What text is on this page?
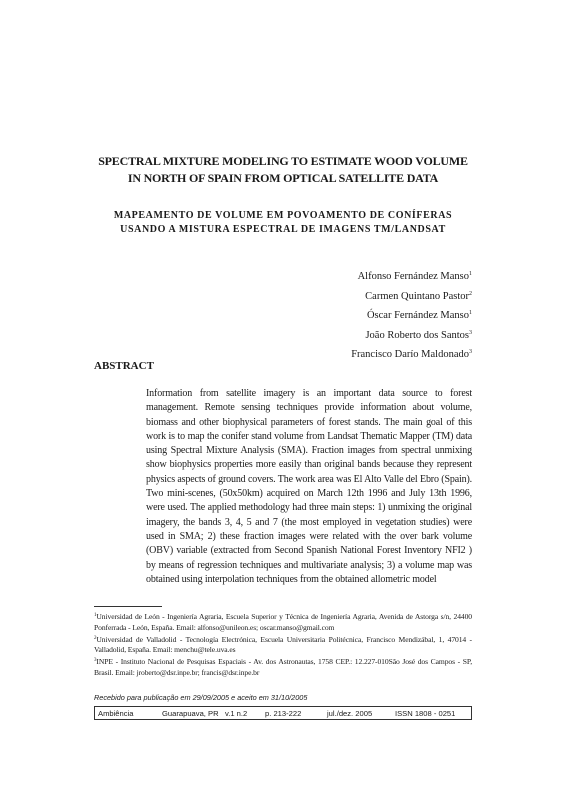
SPECTRAL MIXTURE MODELING TO ESTIMATE WOOD VOLUME
IN NORTH OF SPAIN FROM OPTICAL SATELLITE DATA
MAPEAMENTO DE VOLUME EM POVOAMENTO DE CONÍFERAS
USANDO A MISTURA ESPECTRAL DE IMAGENS TM/LANDSAT
Alfonso Fernández Manso$^1$
Carmen Quintano Pastor$^2$
Óscar Fernández Manso$^1$
João Roberto dos Santos$^3$
Francisco Darío Maldonado$^3$
ABSTRACT
Information from satellite imagery is an important data source to forest management. Remote sensing techniques provide information about volume, biomass and other biophysical parameters of forest stands. The main goal of this work is to map the conifer stand volume from Landsat Thematic Mapper (TM) data using Spectral Mixture Analysis (SMA). Fraction images from spectral unmixing show biophysics properties more easily than original bands because they represent physics aspects of ground covers. The work area was El Alto Valle del Ebro (Spain). Two mini-scenes, (50x50km) acquired on March 12th 1996 and July 13th 1996, were used. The applied methodology had three main steps: 1) unmixing the original imagery, the bands 3, 4, 5 and 7 (the most employed in vegetation studies) were used in SMA; 2) these fraction images were related with the over bark volume (OBV) variable (extracted from Second Spanish National Forest Inventory NFI2 ) by means of regression techniques and multivariate analysis; 3) a volume map was obtained using interpolation techniques from the obtained allometric model
$^1$Universidad de León - Ingeniería Agraria, Escuela Superior y Técnica de Ingeniería Agraria, Avenida de Astorga s/n, 24400 Ponferrada - León, España. Email: alfonso@unileon.es; oscar.manso@gmail.com
$^2$Universidad de Valladolid - Tecnología Electrónica, Escuela Universitaria Politécnica, Francisco Mendizábal, 1, 47014 - Valladolid, España. Email: menchu@tele.uva.es
$^3$INPE - Instituto Nacional de Pesquisas Espaciais - Av. dos Astronautas, 1758 CEP.: 12.227-010São José dos Campos - SP, Brasil. Email: jroberto@dsr.inpe.br; francis@dsr.inpe.br
Recebido para publicação em 29/09/2005 e aceito em 31/10/2005
Ambiência	Guarapuava, PR v.1 n.2	p. 213-222	jul./dez. 2005	ISSN 1808 - 0251
